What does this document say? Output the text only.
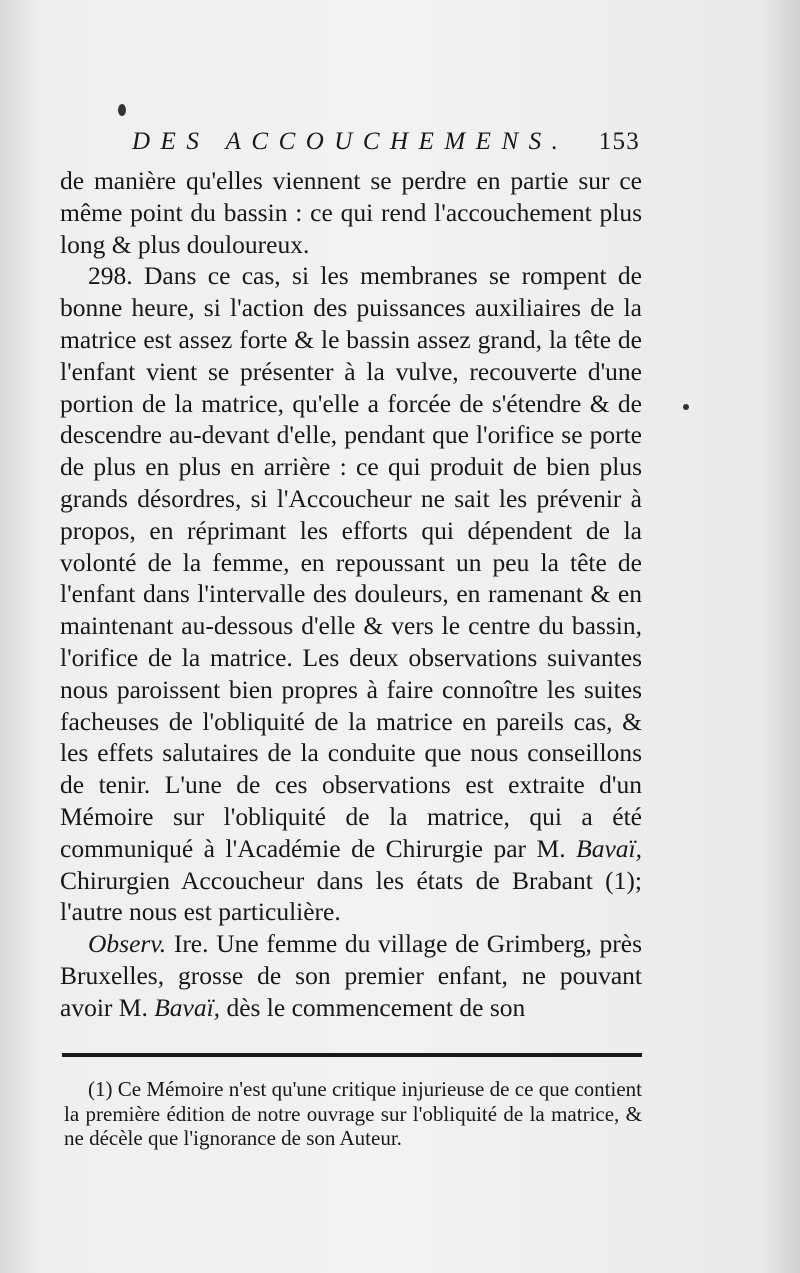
DES ACCOUCHEMENS. 153

de manière qu'elles viennent se perdre en partie sur ce même point du bassin : ce qui rend l'accouchement plus long & plus douloureux.

298. Dans ce cas, si les membranes se rompent de bonne heure, si l'action des puissances auxiliaires de la matrice est assez forte & le bassin assez grand, la tête de l'enfant vient se présenter à la vulve, recouverte d'une portion de la matrice, qu'elle a forcée de s'étendre & de descendre au-devant d'elle, pendant que l'orifice se porte de plus en plus en arrière : ce qui produit de bien plus grands désordres, si l'Accoucheur ne sait les prévenir à propos, en réprimant les efforts qui dépendent de la volonté de la femme, en repoussant un peu la tête de l'enfant dans l'intervalle des douleurs, en ramenant & en maintenant au-dessous d'elle & vers le centre du bassin, l'orifice de la matrice. Les deux observations suivantes nous paroissent bien propres à faire connoître les suites facheuses de l'obliquité de la matrice en pareils cas, & les effets salutaires de la conduite que nous conseillons de tenir. L'une de ces observations est extraite d'un Mémoire sur l'obliquité de la matrice, qui a été communiqué à l'Académie de Chirurgie par M. Bavaï, Chirurgien Accoucheur dans les états de Brabant (1); l'autre nous est particulière.

Observ. Ire. Une femme du village de Grimberg, près Bruxelles, grosse de son premier enfant, ne pouvant avoir M. Bavaï, dès le commencement de son

(1) Ce Mémoire n'est qu'une critique injurieuse de ce que contient la première édition de notre ouvrage sur l'obliquité de la matrice, & ne décèle que l'ignorance de son Auteur.
